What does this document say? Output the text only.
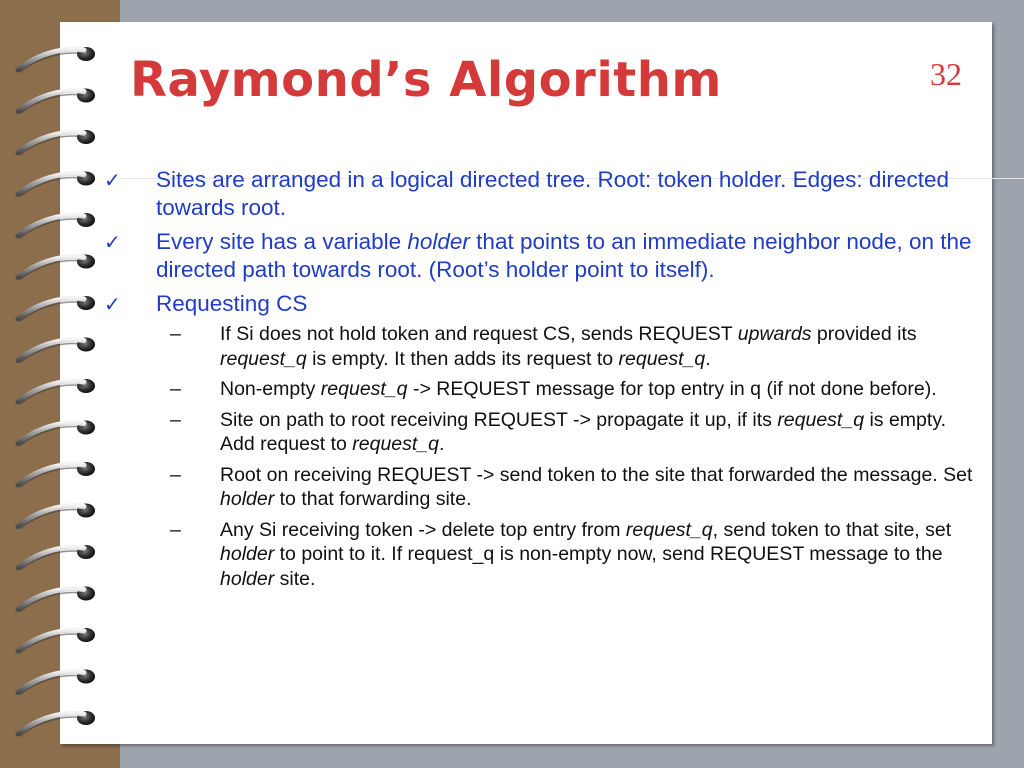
Raymond’s Algorithm	32
✓ Sites are arranged in a logical directed tree. Root: token holder. Edges: directed towards root.
✓ Every site has a variable holder that points to an immediate neighbor node, on the directed path towards root. (Root’s holder point to itself).
✓ Requesting CS
– If Si does not hold token and request CS, sends REQUEST upwards provided its request_q is empty. It then adds its request to request_q.
– Non-empty request_q -> REQUEST message for top entry in q (if not done before).
– Site on path to root receiving REQUEST -> propagate it up, if its request_q is empty. Add request to request_q.
– Root on receiving REQUEST -> send token to the site that forwarded the message. Set holder to that forwarding site.
– Any Si receiving token -> delete top entry from request_q, send token to that site, set holder to point to it. If request_q is non-empty now, send REQUEST message to the holder site.
